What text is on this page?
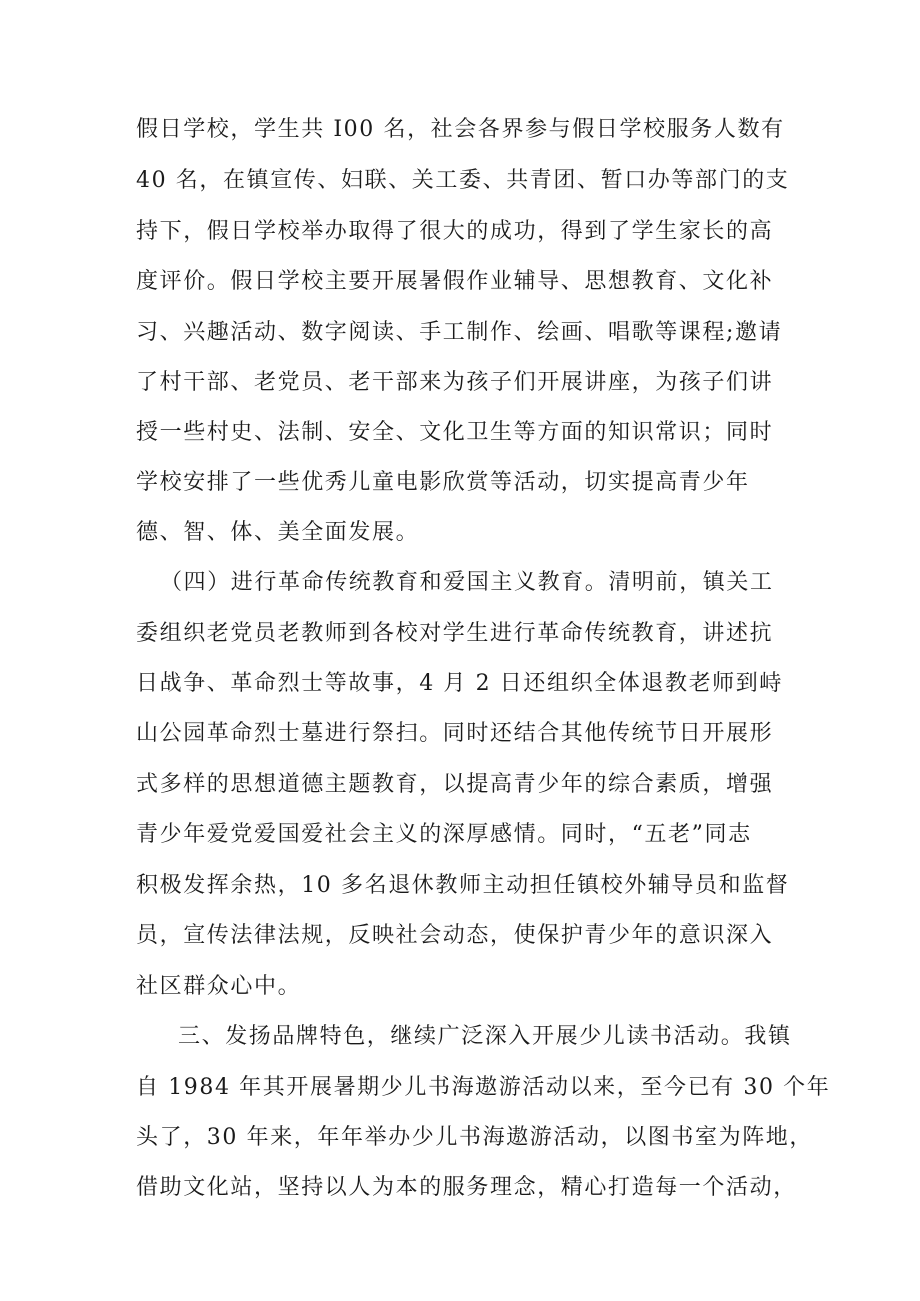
假日学校，学生共 I00 名，社会各界参与假日学校服务人数有
40 名，在镇宣传、妇联、关工委、共青团、暂口办等部门的支
持下，假日学校举办取得了很大的成功，得到了学生家长的高
度评价。假日学校主要开展暑假作业辅导、思想教育、文化补
习、兴趣活动、数字阅读、手工制作、绘画、唱歌等课程;邀请
了村干部、老党员、老干部来为孩子们开展讲座，为孩子们讲
授一些村史、法制、安全、文化卫生等方面的知识常识；同时
学校安排了一些优秀儿童电影欣赏等活动，切实提高青少年
德、智、体、美全面发展。
（四）进行革命传统教育和爱国主义教育。清明前，镇关工
委组织老党员老教师到各校对学生进行革命传统教育，讲述抗
日战争、革命烈士等故事，4 月 2 日还组织全体退教老师到峙
山公园革命烈士墓进行祭扫。同时还结合其他传统节日开展形
式多样的思想道德主题教育，以提高青少年的综合素质，增强
青少年爱党爱国爱社会主义的深厚感情。同时，“五老”同志
积极发挥余热，10 多名退休教师主动担任镇校外辅导员和监督
员，宣传法律法规，反映社会动态，使保护青少年的意识深入
社区群众心中。
三、发扬品牌特色，继续广泛深入开展少儿读书活动。我镇
自 1984 年其开展暑期少儿书海遨游活动以来，至今已有 30 个年
头了，30 年来，年年举办少儿书海遨游活动，以图书室为阵地，
借助文化站，坚持以人为本的服务理念，精心打造每一个活动，
